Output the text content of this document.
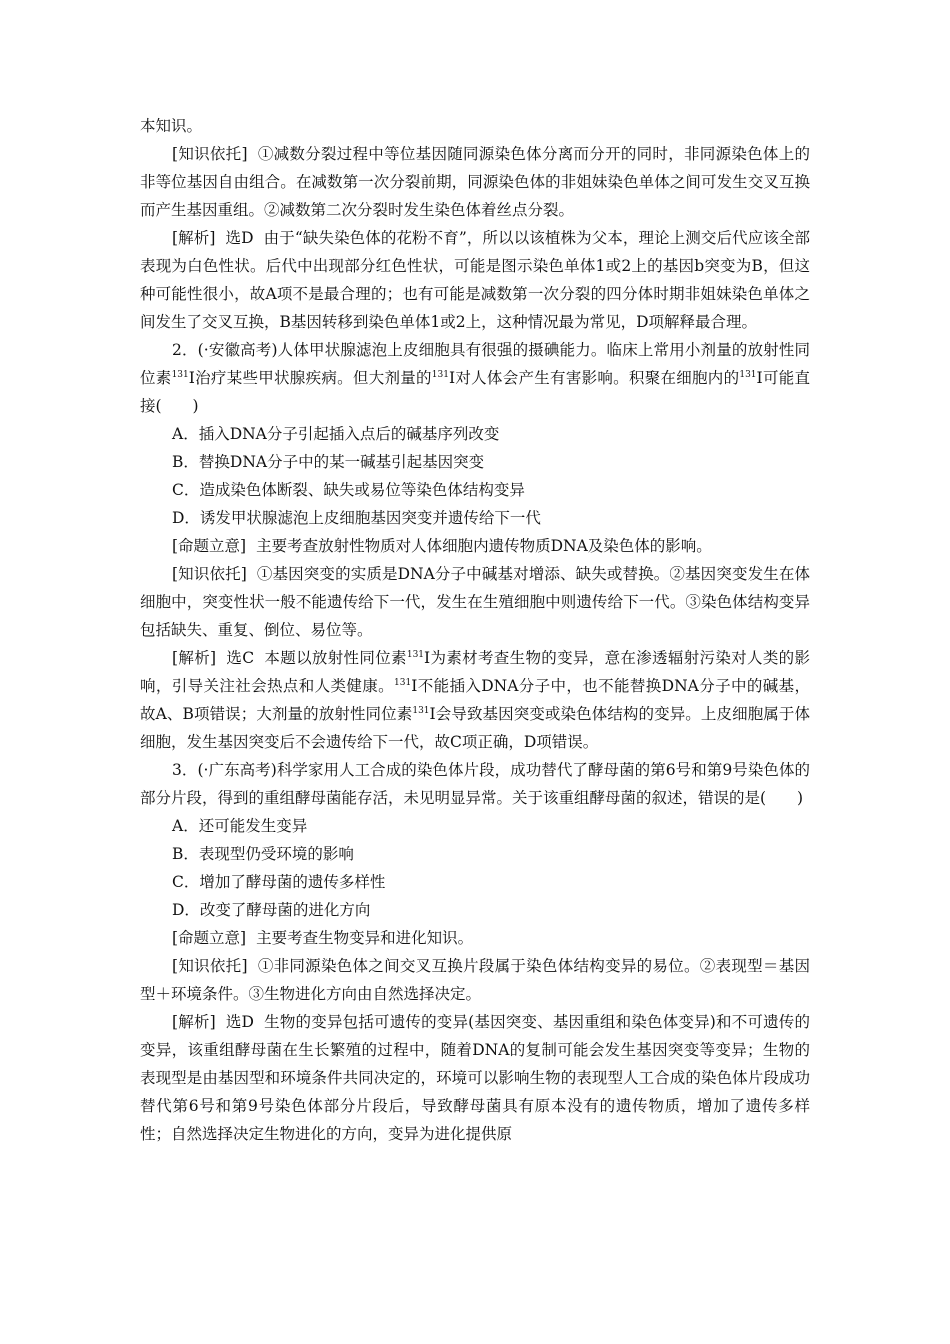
本知识。

[知识依托] ①减数分裂过程中等位基因随同源染色体分离而分开的同时，非同源染色体上的非等位基因自由组合。在减数第一次分裂前期，同源染色体的非姐妹染色单体之间可发生交叉互换而产生基因重组。②减数第二次分裂时发生染色体着丝点分裂。

[解析] 选D 由于“缺失染色体的花粉不育”，所以以该植株为父本，理论上测交后代应该全部表现为白色性状。后代中出现部分红色性状，可能是图示染色单体1或2上的基因b突变为B，但这种可能性很小，故A项不是最合理的；也有可能是减数第一次分裂的四分体时期非姐妹染色单体之间发生了交叉互换，B基因转移到染色单体1或2上，这种情况最为常见，D项解释最合理。

2．(·安徽高考)人体甲状腺滤泡上皮细胞具有很强的摄碘能力。临床上常用小剂量的放射性同位素$^{131}$I治疗某些甲状腺疾病。但大剂量的$^{131}$I对人体会产生有害影响。积聚在细胞内的$^{131}$I可能直接(　　)

A．插入DNA分子引起插入点后的碱基序列改变

B．替换DNA分子中的某一碱基引起基因突变

C．造成染色体断裂、缺失或易位等染色体结构变异

D．诱发甲状腺滤泡上皮细胞基因突变并遗传给下一代

[命题立意] 主要考查放射性物质对人体细胞内遗传物质DNA及染色体的影响。

[知识依托] ①基因突变的实质是DNA分子中碱基对增添、缺失或替换。②基因突变发生在体细胞中，突变性状一般不能遗传给下一代，发生在生殖细胞中则遗传给下一代。③染色体结构变异包括缺失、重复、倒位、易位等。

[解析] 选C 本题以放射性同位素$^{131}$I为素材考查生物的变异，意在渗透辐射污染对人类的影响，引导关注社会热点和人类健康。$^{131}$I不能插入DNA分子中，也不能替换DNA分子中的碱基，故A、B项错误；大剂量的放射性同位素$^{131}$I会导致基因突变或染色体结构的变异。上皮细胞属于体细胞，发生基因突变后不会遗传给下一代，故C项正确，D项错误。

3．(·广东高考)科学家用人工合成的染色体片段，成功替代了酵母菌的第6号和第9号染色体的部分片段，得到的重组酵母菌能存活，未见明显异常。关于该重组酵母菌的叙述，错误的是(　　)

A．还可能发生变异

B．表现型仍受环境的影响

C．增加了酵母菌的遗传多样性

D．改变了酵母菌的进化方向

[命题立意] 主要考查生物变异和进化知识。

[知识依托] ①非同源染色体之间交叉互换片段属于染色体结构变异的易位。②表现型＝基因型＋环境条件。③生物进化方向由自然选择决定。

[解析] 选D 生物的变异包括可遗传的变异(基因突变、基因重组和染色体变异)和不可遗传的变异，该重组酵母菌在生长繁殖的过程中，随着DNA的复制可能会发生基因突变等变异；生物的表现型是由基因型和环境条件共同决定的，环境可以影响生物的表现型人工合成的染色体片段成功替代第6号和第9号染色体部分片段后，导致酵母菌具有原本没有的遗传物质，增加了遗传多样性；自然选择决定生物进化的方向，变异为进化提供原
